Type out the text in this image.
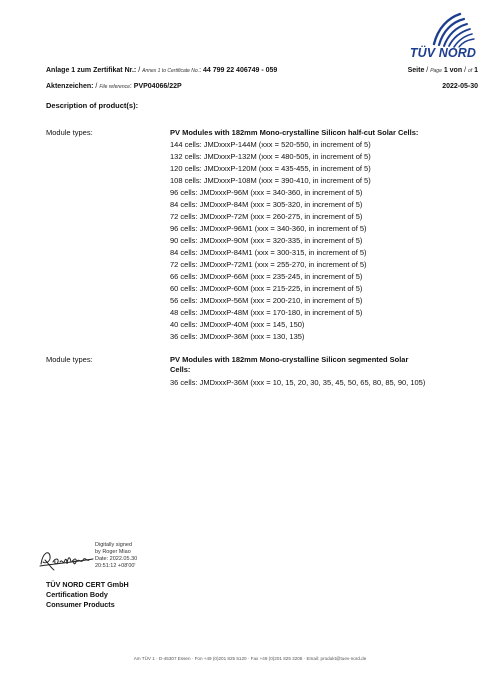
TÜV NORD
Anlage 1 zum Zertifikat Nr.: / Annex 1 to Certificate No.: 44 799 22 406749 - 059	Seite / Page 1 von / of 1
Aktenzeichen: / File reference: PVP04066/22P	2022-05-30
Description of product(s):
Module types:	PV Modules with 182mm Mono-crystalline Silicon half-cut Solar Cells:
144 cells: JMDxxxP-144M (xxx = 520-550, in increment of 5)
132 cells: JMDxxxP-132M (xxx = 480-505, in increment of 5)
120 cells: JMDxxxP-120M (xxx = 435-455, in increment of 5)
108 cells: JMDxxxP-108M (xxx = 390-410, in increment of 5)
96 cells: JMDxxxP-96M (xxx = 340-360, in increment of 5)
84 cells: JMDxxxP-84M (xxx = 305-320, in increment of 5)
72 cells: JMDxxxP-72M (xxx = 260-275, in increment of 5)
96 cells: JMDxxxP-96M1 (xxx = 340-360, in increment of 5)
90 cells: JMDxxxP-90M (xxx = 320-335, in increment of 5)
84 cells: JMDxxxP-84M1 (xxx = 300-315, in increment of 5)
72 cells: JMDxxxP-72M1 (xxx = 255-270, in increment of 5)
66 cells: JMDxxxP-66M (xxx = 235-245, in increment of 5)
60 cells: JMDxxxP-60M (xxx = 215-225, in increment of 5)
56 cells: JMDxxxP-56M (xxx = 200-210, in increment of 5)
48 cells: JMDxxxP-48M (xxx = 170-180, in increment of 5)
40 cells: JMDxxxP-40M (xxx = 145, 150)
36 cells: JMDxxxP-36M (xxx = 130, 135)
Module types:	PV Modules with 182mm Mono-crystalline Silicon segmented Solar Cells:
36 cells: JMDxxxP-36M (xxx = 10, 15, 20, 30, 35, 45, 50, 65, 80, 85, 90, 105)
Digitally signed
by Roger Miao
Date: 2022.05.30
20:51:12 +08'00'
TÜV NORD CERT GmbH
Certification Body
Consumer Products
Am TÜV 1 · D-45307 Essen · Fon +49 (0)201 825 5120 · Fax +49 (0)201 825 3208 · Email: produkt@tuev-nord.de
